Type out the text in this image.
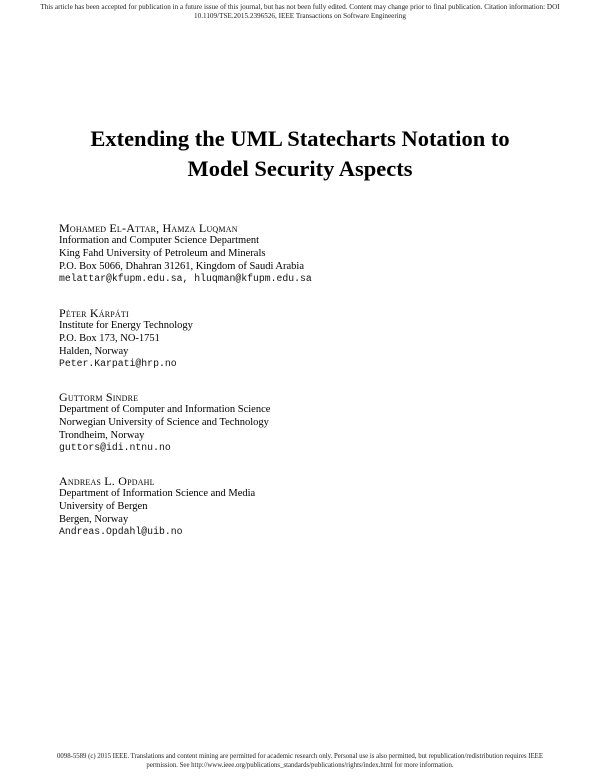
This article has been accepted for publication in a future issue of this journal, but has not been fully edited. Content may change prior to final publication. Citation information: DOI
10.1109/TSE.2015.2396526, IEEE Transactions on Software Engineering
Extending the UML Statecharts Notation to
Model Security Aspects
Mohamed El-Attar, Hamza Luqman
Information and Computer Science Department
King Fahd University of Petroleum and Minerals
P.O. Box 5066, Dhahran 31261, Kingdom of Saudi Arabia
melattar@kfupm.edu.sa, hluqman@kfupm.edu.sa
Péter Kárpáti
Institute for Energy Technology
P.O. Box 173, NO-1751
Halden, Norway
Peter.Karpati@hrp.no
Guttorm Sindre
Department of Computer and Information Science
Norwegian University of Science and Technology
Trondheim, Norway
guttors@idi.ntnu.no
Andreas L. Opdahl
Department of Information Science and Media
University of Bergen
Bergen, Norway
Andreas.Opdahl@uib.no
0098-5589 (c) 2015 IEEE. Translations and content mining are permitted for academic research only. Personal use is also permitted, but republication/redistribution requires IEEE
permission. See http://www.ieee.org/publications_standards/publications/rights/index.html for more information.
